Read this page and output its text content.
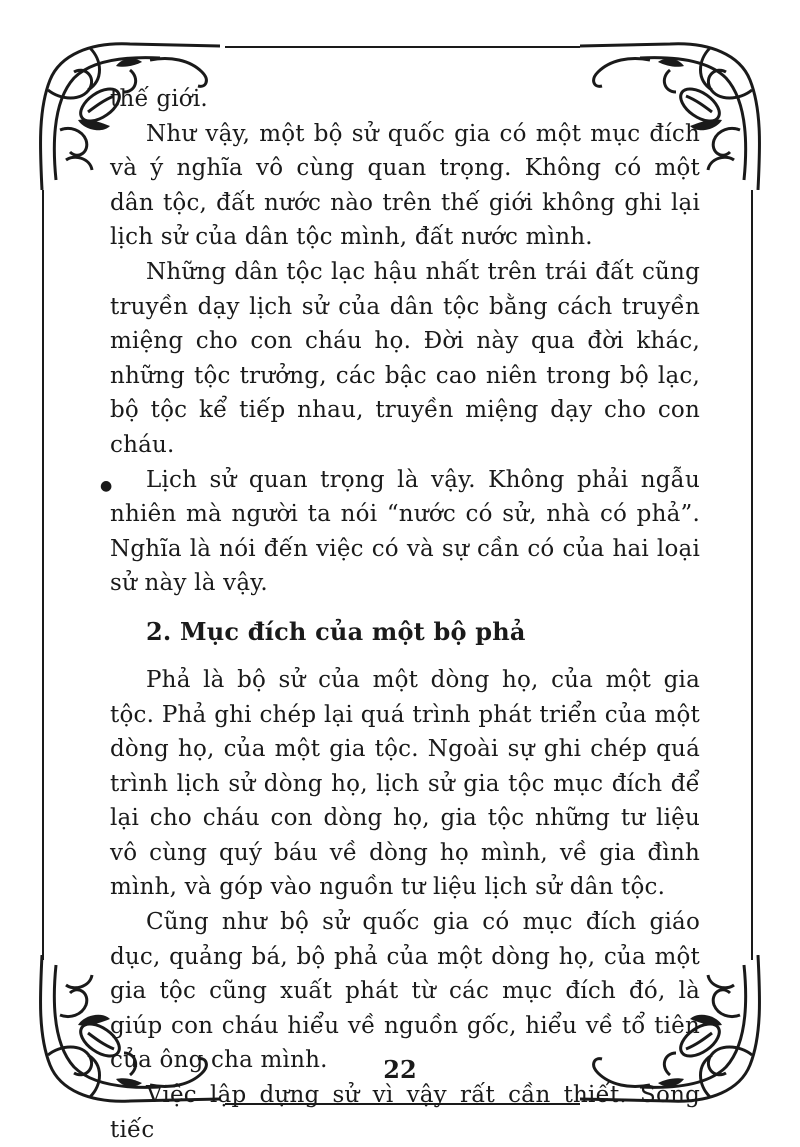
●

thế giới.

Như vậy, một bộ sử quốc gia có một mục đích và ý nghĩa vô cùng quan trọng. Không có một dân tộc, đất nước nào trên thế giới không ghi lại lịch sử của dân tộc mình, đất nước mình.

Những dân tộc lạc hậu nhất trên trái đất cũng truyền dạy lịch sử của dân tộc bằng cách truyền miệng cho con cháu họ. Đời này qua đời khác, những tộc trưởng, các bậc cao niên trong bộ lạc, bộ tộc kể tiếp nhau, truyền miệng dạy cho con cháu.

Lịch sử quan trọng là vậy. Không phải ngẫu nhiên mà người ta nói “nước có sử, nhà có phả”. Nghĩa là nói đến việc có và sự cần có của hai loại sử này là vậy.

2. Mục đích của một bộ phả

Phả là bộ sử của một dòng họ, của một gia tộc. Phả ghi chép lại quá trình phát triển của một dòng họ, của một gia tộc. Ngoài sự ghi chép quá trình lịch sử dòng họ, lịch sử gia tộc mục đích để lại cho cháu con dòng họ, gia tộc những tư liệu vô cùng quý báu về dòng họ mình, về gia đình mình, và góp vào nguồn tư liệu lịch sử dân tộc.

Cũng như bộ sử quốc gia có mục đích giáo dục, quảng bá, bộ phả của một dòng họ, của một gia tộc cũng xuất phát từ các mục đích đó, là giúp con cháu hiểu về nguồn gốc, hiểu về tổ tiên của ông cha mình.

Việc lập dựng sử vì vậy rất cần thiết. Song tiếc

22
